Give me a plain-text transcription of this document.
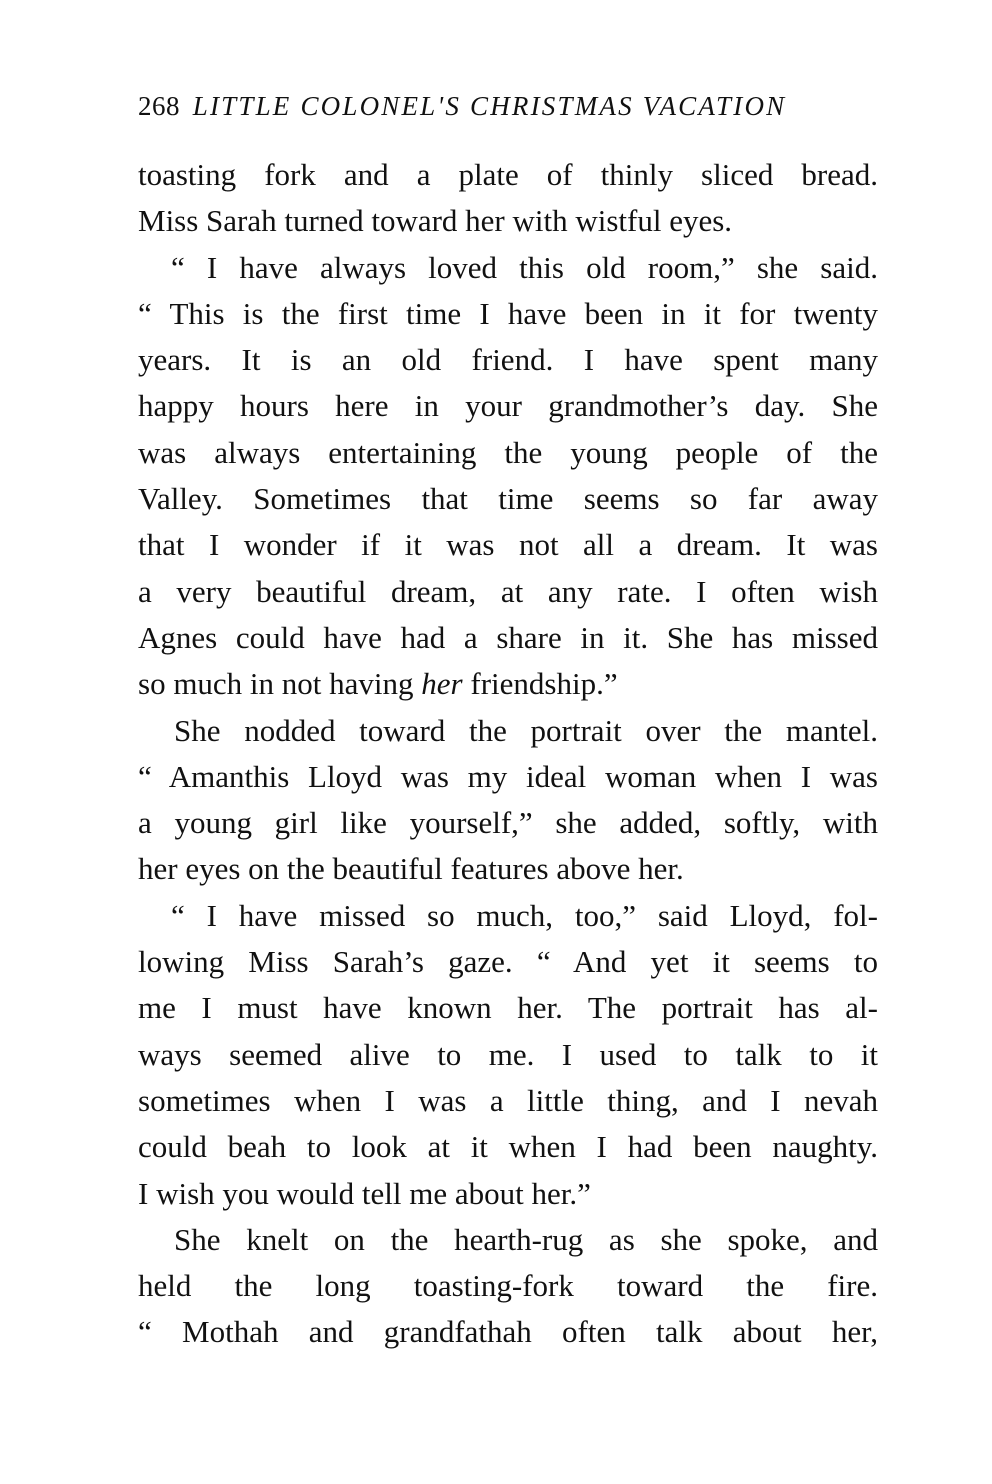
268 LITTLE COLONEL'S CHRISTMAS VACATION
toasting fork and a plate of thinly sliced bread.
Miss Sarah turned toward her with wistful eyes.
“ I have always loved this old room,” she said.
“ This is the first time I have been in it for twenty
years. It is an old friend. I have spent many
happy hours here in your grandmother’s day. She
was always entertaining the young people of the
Valley. Sometimes that time seems so far away
that I wonder if it was not all a dream. It was
a very beautiful dream, at any rate. I often wish
Agnes could have had a share in it. She has missed
so much in not having her friendship.”
She nodded toward the portrait over the mantel.
“ Amanthis Lloyd was my ideal woman when I was
a young girl like yourself,” she added, softly, with
her eyes on the beautiful features above her.
“ I have missed so much, too,” said Lloyd, fol-
lowing Miss Sarah’s gaze. “ And yet it seems to
me I must have known her. The portrait has al-
ways seemed alive to me. I used to talk to it
sometimes when I was a little thing, and I nevah
could beah to look at it when I had been naughty.
I wish you would tell me about her.”
She knelt on the hearth-rug as she spoke, and
held the long toasting-fork toward the fire.
“ Mothah and grandfathah often talk about her,
